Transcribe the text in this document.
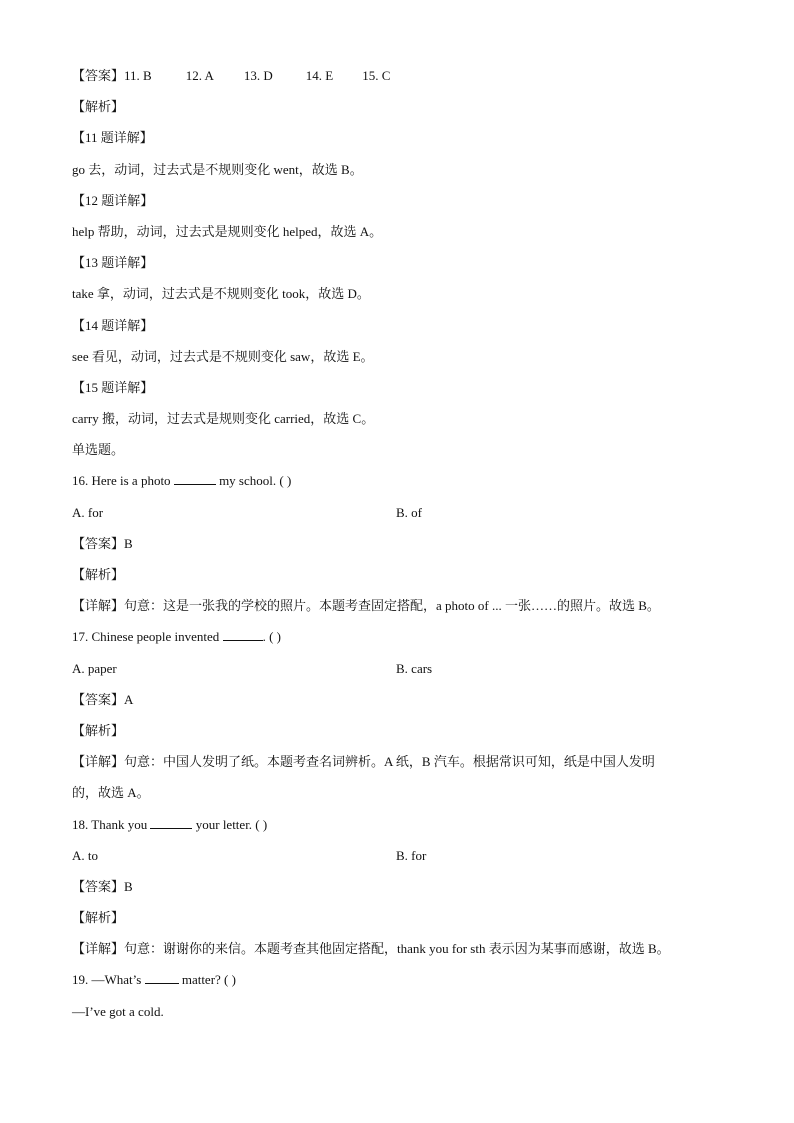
【答案】11. B	12. A 13. D	14. E 15. C
【解析】
【11 题详解】
go 去，动词，过去式是不规则变化 went，故选 B。
【12 题详解】
help 帮助，动词，过去式是规则变化 helped，故选 A。
【13 题详解】
take 拿，动词，过去式是不规则变化 took，故选 D。
【14 题详解】
see 看见，动词，过去式是不规则变化 saw，故选 E。
【15 题详解】
carry 搬，动词，过去式是规则变化 carried，故选 C。
单选题。
16. Here is a photo	my school. ( )
A. for	B. of
【答案】B
【解析】
【详解】句意：这是一张我的学校的照片。本题考查固定搭配，a photo of ... 一张……的照片。故选 B。
17. Chinese people invented	. ( )
A. paper	B. cars
【答案】A
【解析】
【详解】句意：中国人发明了纸。本题考查名词辨析。A 纸，B 汽车。根据常识可知，纸是中国人发明
的，故选 A。
18. Thank you	your letter. ( )
A. to	B. for
【答案】B
【解析】
【详解】句意：谢谢你的来信。本题考查其他固定搭配，thank you for sth 表示因为某事而感谢，故选 B。
19. —What’s	matter? ( )
—I’ve got a cold.
